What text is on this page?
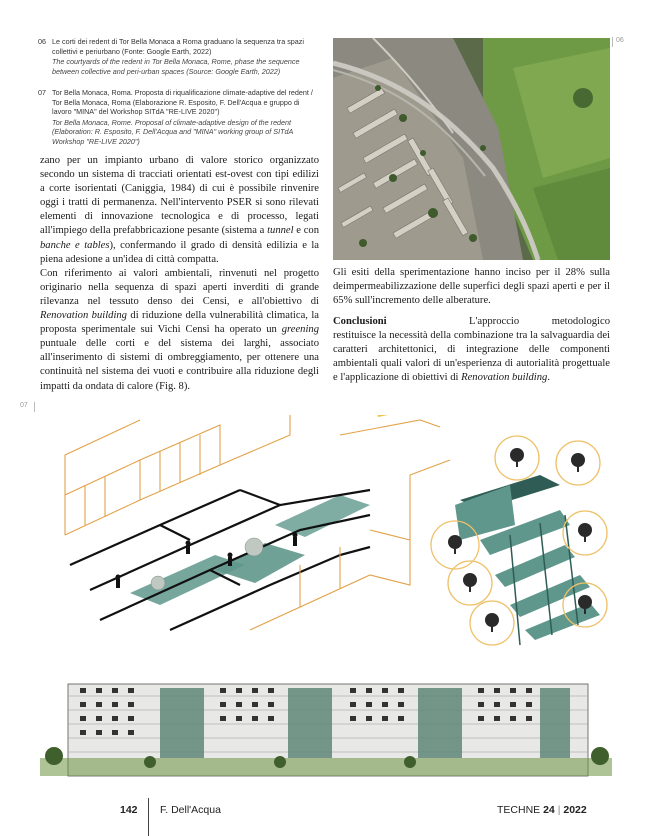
06 Le corti dei redent di Tor Bella Monaca a Roma graduano la sequenza tra spazi collettivi e periurbano (Fonte: Google Earth, 2022)
The courtyards of the redent in Tor Bella Monaca, Rome, phase the sequence between collective and peri-urban spaces (Source: Google Earth, 2022)
07 Tor Bella Monaca, Roma. Proposta di riqualificazione climate-adaptive del redent / Tor Bella Monaca, Roma (Elaborazione R. Esposito, F. Dell'Acqua e gruppo di lavoro "MINA" del Workshop SITdA "RE-LIVE 2020")
Tor Bella Monaca, Rome. Proposal of climate-adaptive design of the redent (Elaboration: R. Esposito, F. Dell'Acqua and "MINA" working group of SITdA Workshop "RE-LIVE 2020")
06

zano per un impianto urbano di valore storico organizzato secondo un sistema di tracciati orientati est-ovest con tipi edilizi a corte isorientati (Caniggia, 1984) di cui è possibile rinvenire oggi i tratti di permanenza. Nell'intervento PSER si sono rilevati elementi di innovazione tecnologica e di processo, legati all'impiego della prefabbricazione pesante (sistema a tunnel e con banche e tables), confermando il grado di densità edilizia e la piena adesione a un'idea di città compatta.

Con riferimento ai valori ambientali, rinvenuti nel progetto originario nella sequenza di spazi aperti inverditi di grande rilevanza nel tessuto denso dei Censi, e all'obiettivo di Renovation building di riduzione della vulnerabilità climatica, la proposta sperimentale sui Vichi Censi ha operato un greening puntuale delle corti e del sistema dei larghi, associato all'inserimento di sistemi di ombreggiamento, per ottenere una continuità nel sistema dei vuoti e contribuire alla riduzione degli impatti da ondata di calore (Fig. 8).

Gli esiti della sperimentazione hanno inciso per il 28% sulla deimpermeabilizzazione delle superfici degli spazi aperti e per il 65% sull'incremento delle alberature.

Conclusioni	L'approccio metodologico restituisce la necessità della combinazione tra la salvaguardia dei caratteri architettonici, di integrazione delle componenti ambientali quali valori di un'esperienza di autorialità progettuale e l'applicazione di obiettivi di Renovation building.

07
142 F. Dell'Acqua	TECHNE 24 | 2022
